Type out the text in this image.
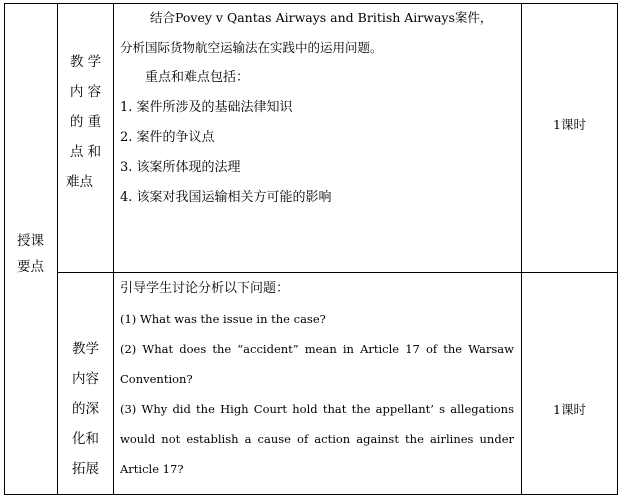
授课
要点
教 学
内 容
的 重
点 和
难点
结合Povey v Qantas Airways and British Airways案件，
分析国际货物航空运输法在实践中的运用问题。
重点和难点包括：
1. 案件所涉及的基础法律知识
2. 案件的争议点
3. 该案所体现的法理
4. 该案对我国运输相关方可能的影响
1课时
教学
内容
的深
化和
拓展
引导学生讨论分析以下问题：
(1) What was the issue in the case?
(2) What does the “accident” mean in Article 17 of the Warsaw
Convention?
(3) Why did the High Court hold that the appellant’ s allegations
would not establish a cause of action against the airlines under
Article 17?
1课时
